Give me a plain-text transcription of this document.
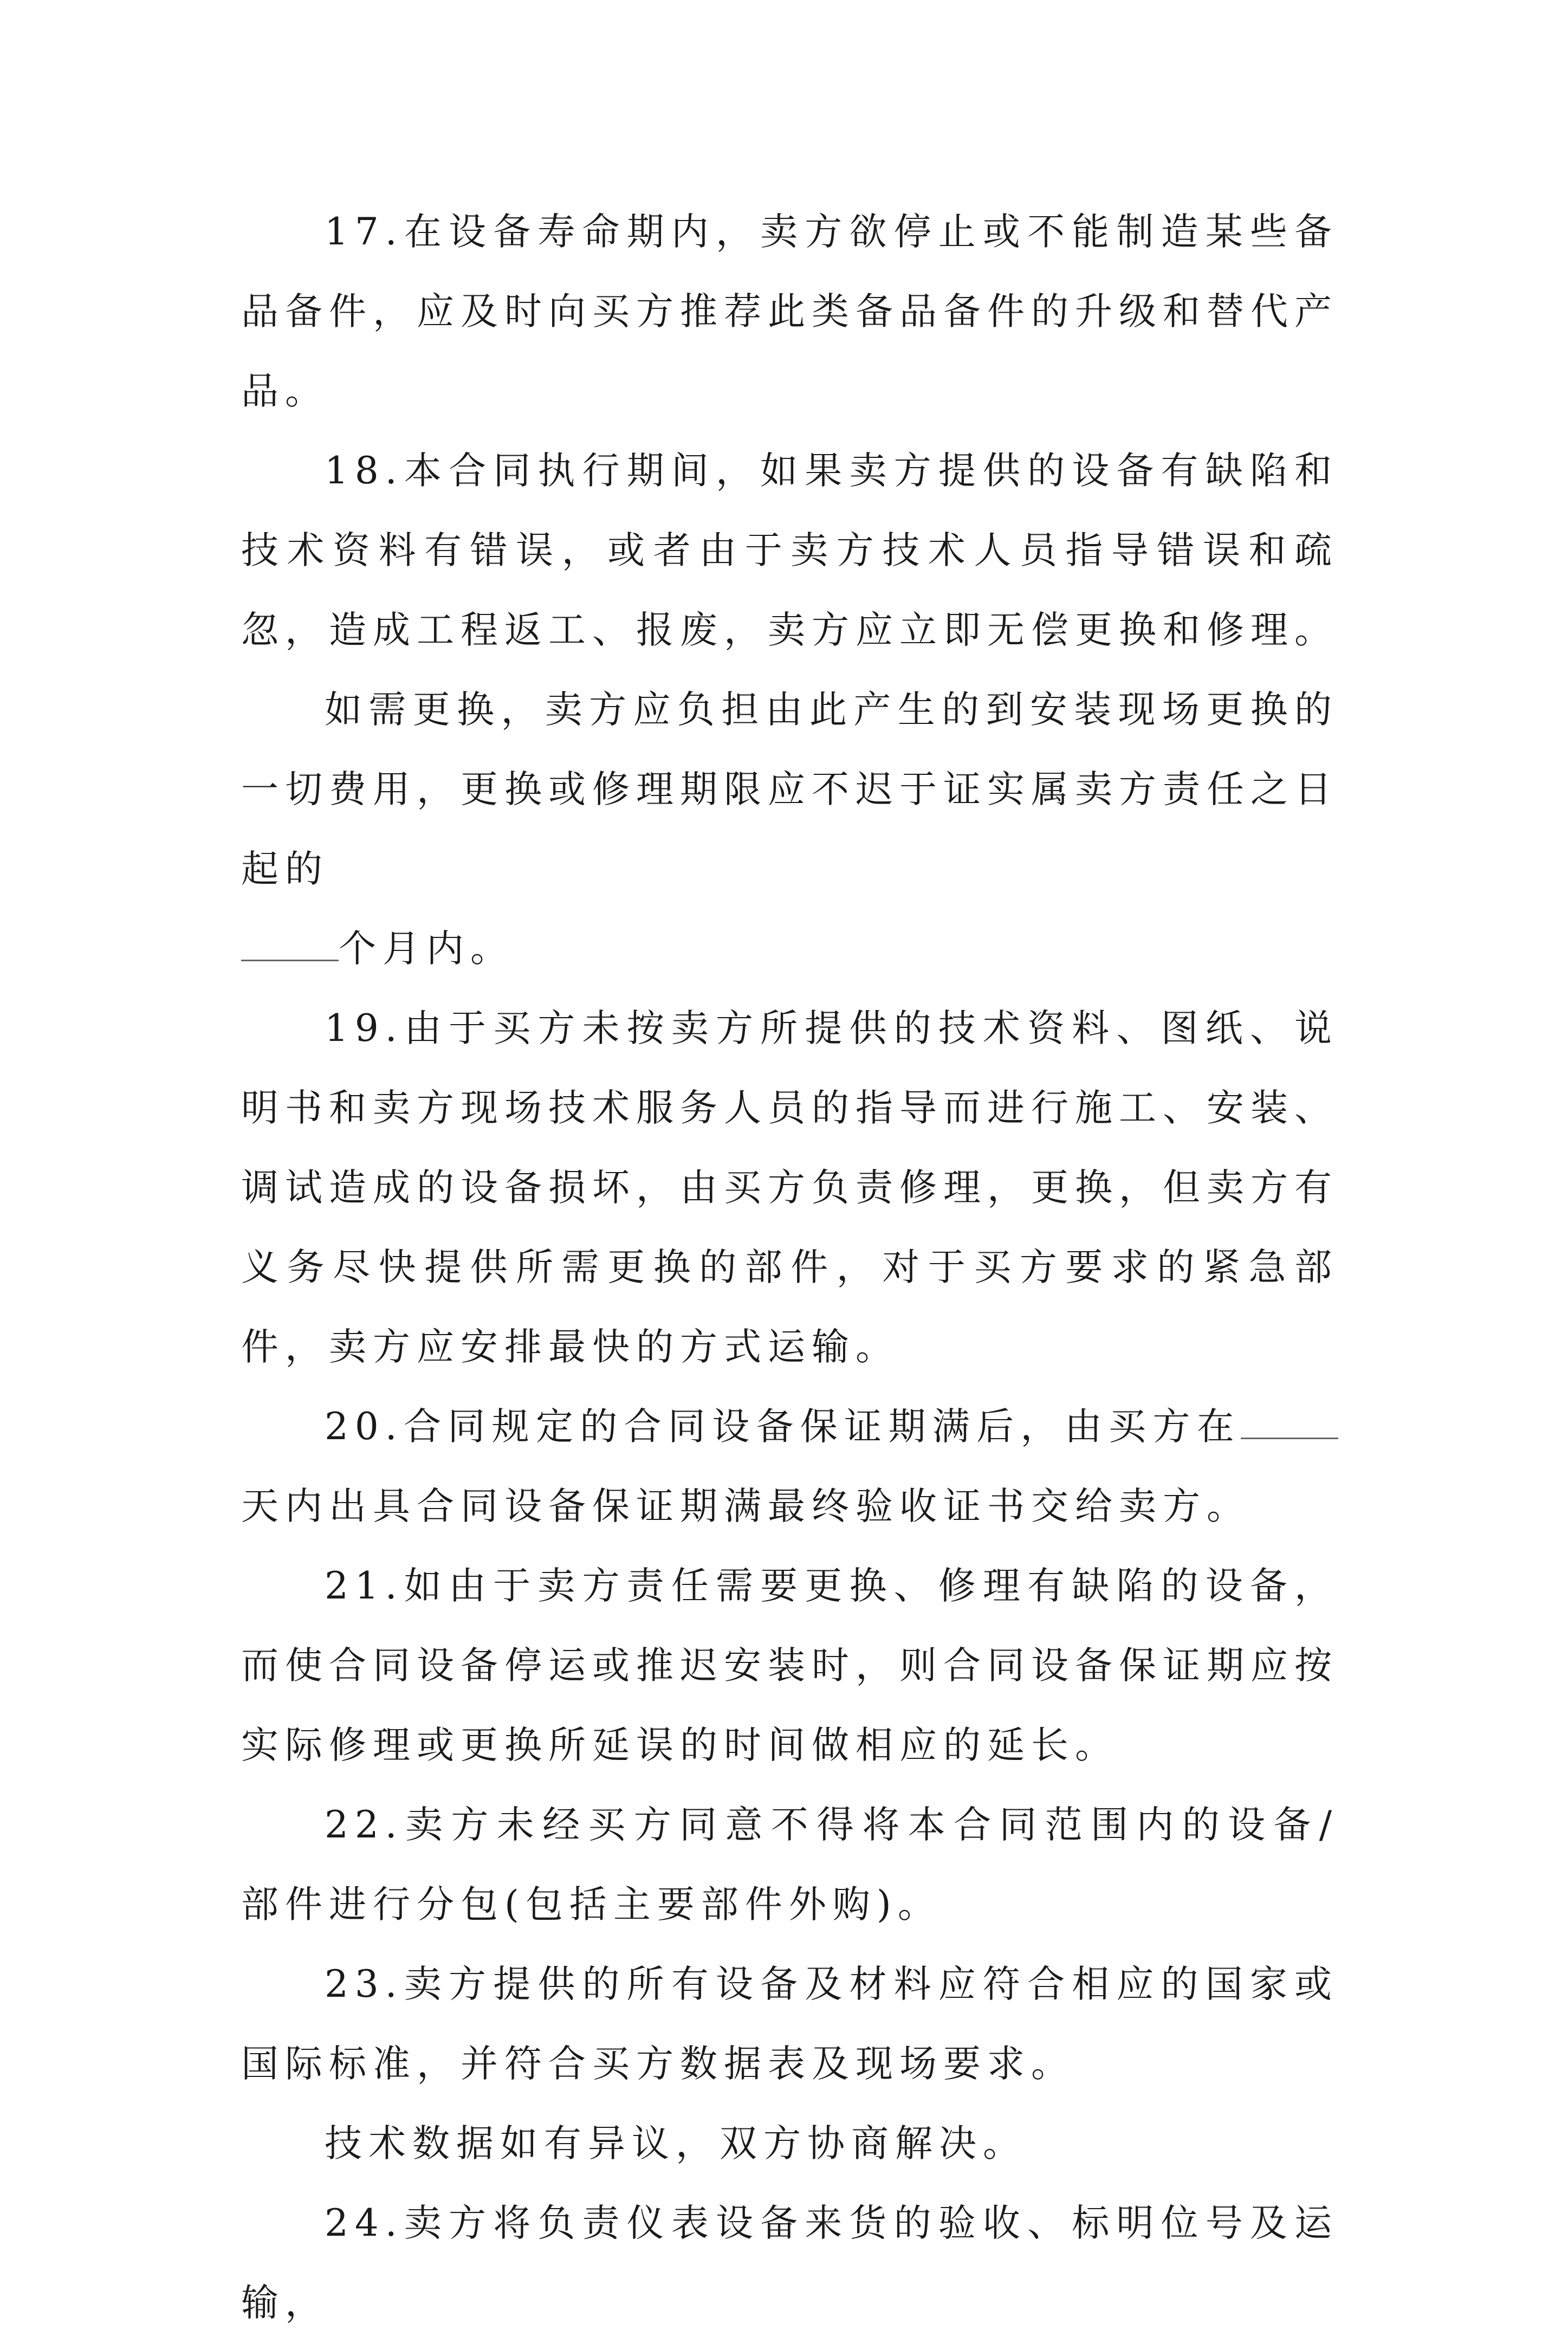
17.在设备寿命期内，卖方欲停止或不能制造某些备品备件，应及时向买方推荐此类备品备件的升级和替代产品。

18.本合同执行期间，如果卖方提供的设备有缺陷和技术资料有错误，或者由于卖方技术人员指导错误和疏忽，造成工程返工、报废，卖方应立即无偿更换和修理。

如需更换，卖方应负担由此产生的到安装现场更换的一切费用，更换或修理期限应不迟于证实属卖方责任之日起的

个月内。

19.由于买方未按卖方所提供的技术资料、图纸、说明书和卖方现场技术服务人员的指导而进行施工、安装、调试造成的设备损坏，由买方负责修理，更换，但卖方有义务尽快提供所需更换的部件，对于买方要求的紧急部件，卖方应安排最快的方式运输。

20.合同规定的合同设备保证期满后，由买方在天内出具合同设备保证期满最终验收证书交给卖方。

21.如由于卖方责任需要更换、修理有缺陷的设备，而使合同设备停运或推迟安装时，则合同设备保证期应按实际修理或更换所延误的时间做相应的延长。

22.卖方未经买方同意不得将本合同范围内的设备/部件进行分包(包括主要部件外购)。

23.卖方提供的所有设备及材料应符合相应的国家或国际标准，并符合买方数据表及现场要求。

技术数据如有异议，双方协商解决。

24.卖方将负责仪表设备来货的验收、标明位号及运输，
